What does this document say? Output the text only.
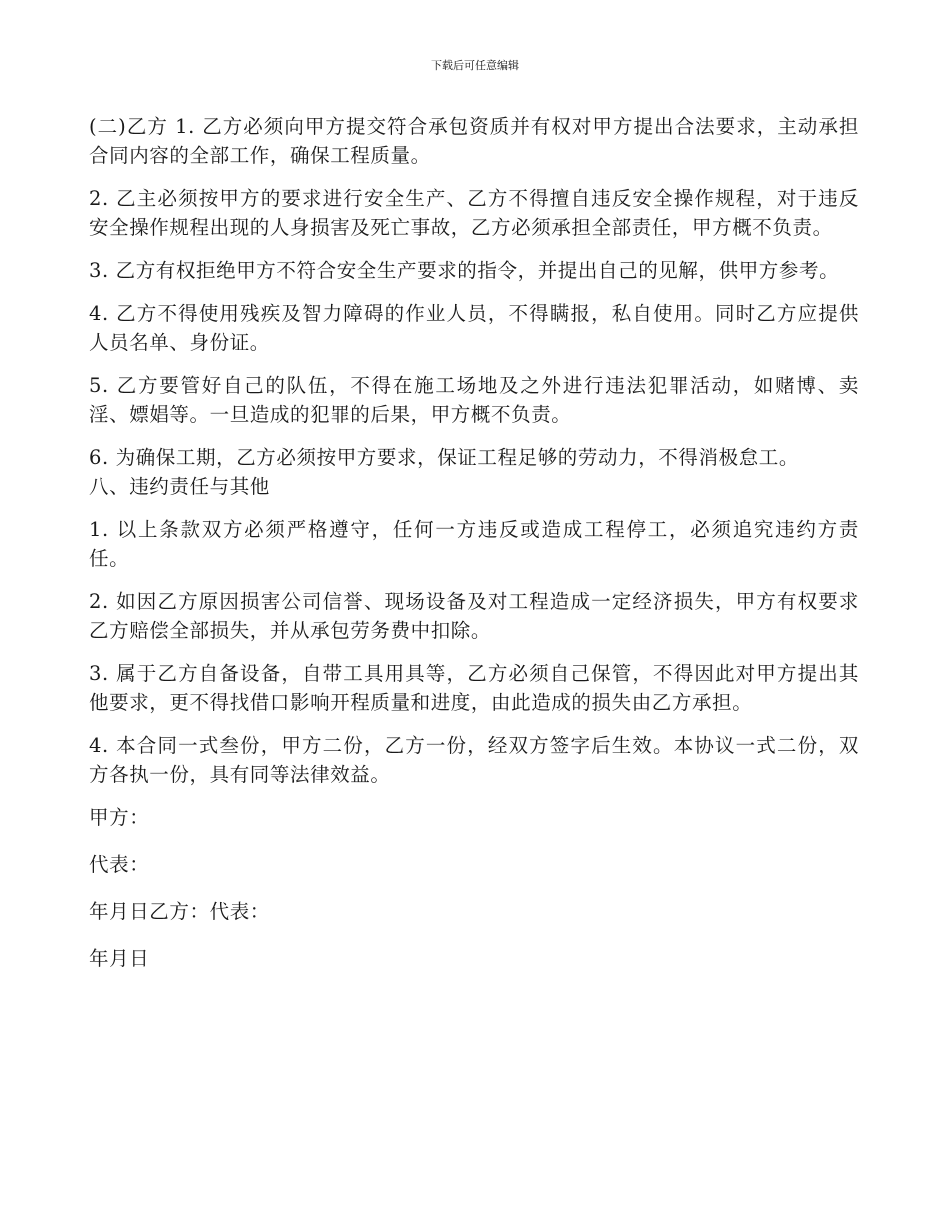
下载后可任意编辑

(二)乙方 1. 乙方必须向甲方提交符合承包资质并有权对甲方提出合法要求，主动承担合同内容的全部工作，确保工程质量。

2. 乙主必须按甲方的要求进行安全生产、乙方不得擅自违反安全操作规程，对于违反安全操作规程出现的人身损害及死亡事故，乙方必须承担全部责任，甲方概不负责。

3. 乙方有权拒绝甲方不符合安全生产要求的指令，并提出自己的见解，供甲方参考。

4. 乙方不得使用残疾及智力障碍的作业人员，不得瞒报，私自使用。同时乙方应提供人员名单、身份证。

5. 乙方要管好自己的队伍，不得在施工场地及之外进行违法犯罪活动，如赌博、卖淫、嫖娼等。一旦造成的犯罪的后果，甲方概不负责。

6. 为确保工期，乙方必须按甲方要求，保证工程足够的劳动力，不得消极怠工。

八、违约责任与其他

1. 以上条款双方必须严格遵守，任何一方违反或造成工程停工，必须追究违约方责任。

2. 如因乙方原因损害公司信誉、现场设备及对工程造成一定经济损失，甲方有权要求乙方赔偿全部损失，并从承包劳务费中扣除。

3. 属于乙方自备设备，自带工具用具等，乙方必须自己保管，不得因此对甲方提出其他要求，更不得找借口影响开程质量和进度，由此造成的损失由乙方承担。

4. 本合同一式叁份，甲方二份，乙方一份，经双方签字后生效。本协议一式二份，双方各执一份，具有同等法律效益。

甲方：

代表：

年月日乙方：代表：

年月日
